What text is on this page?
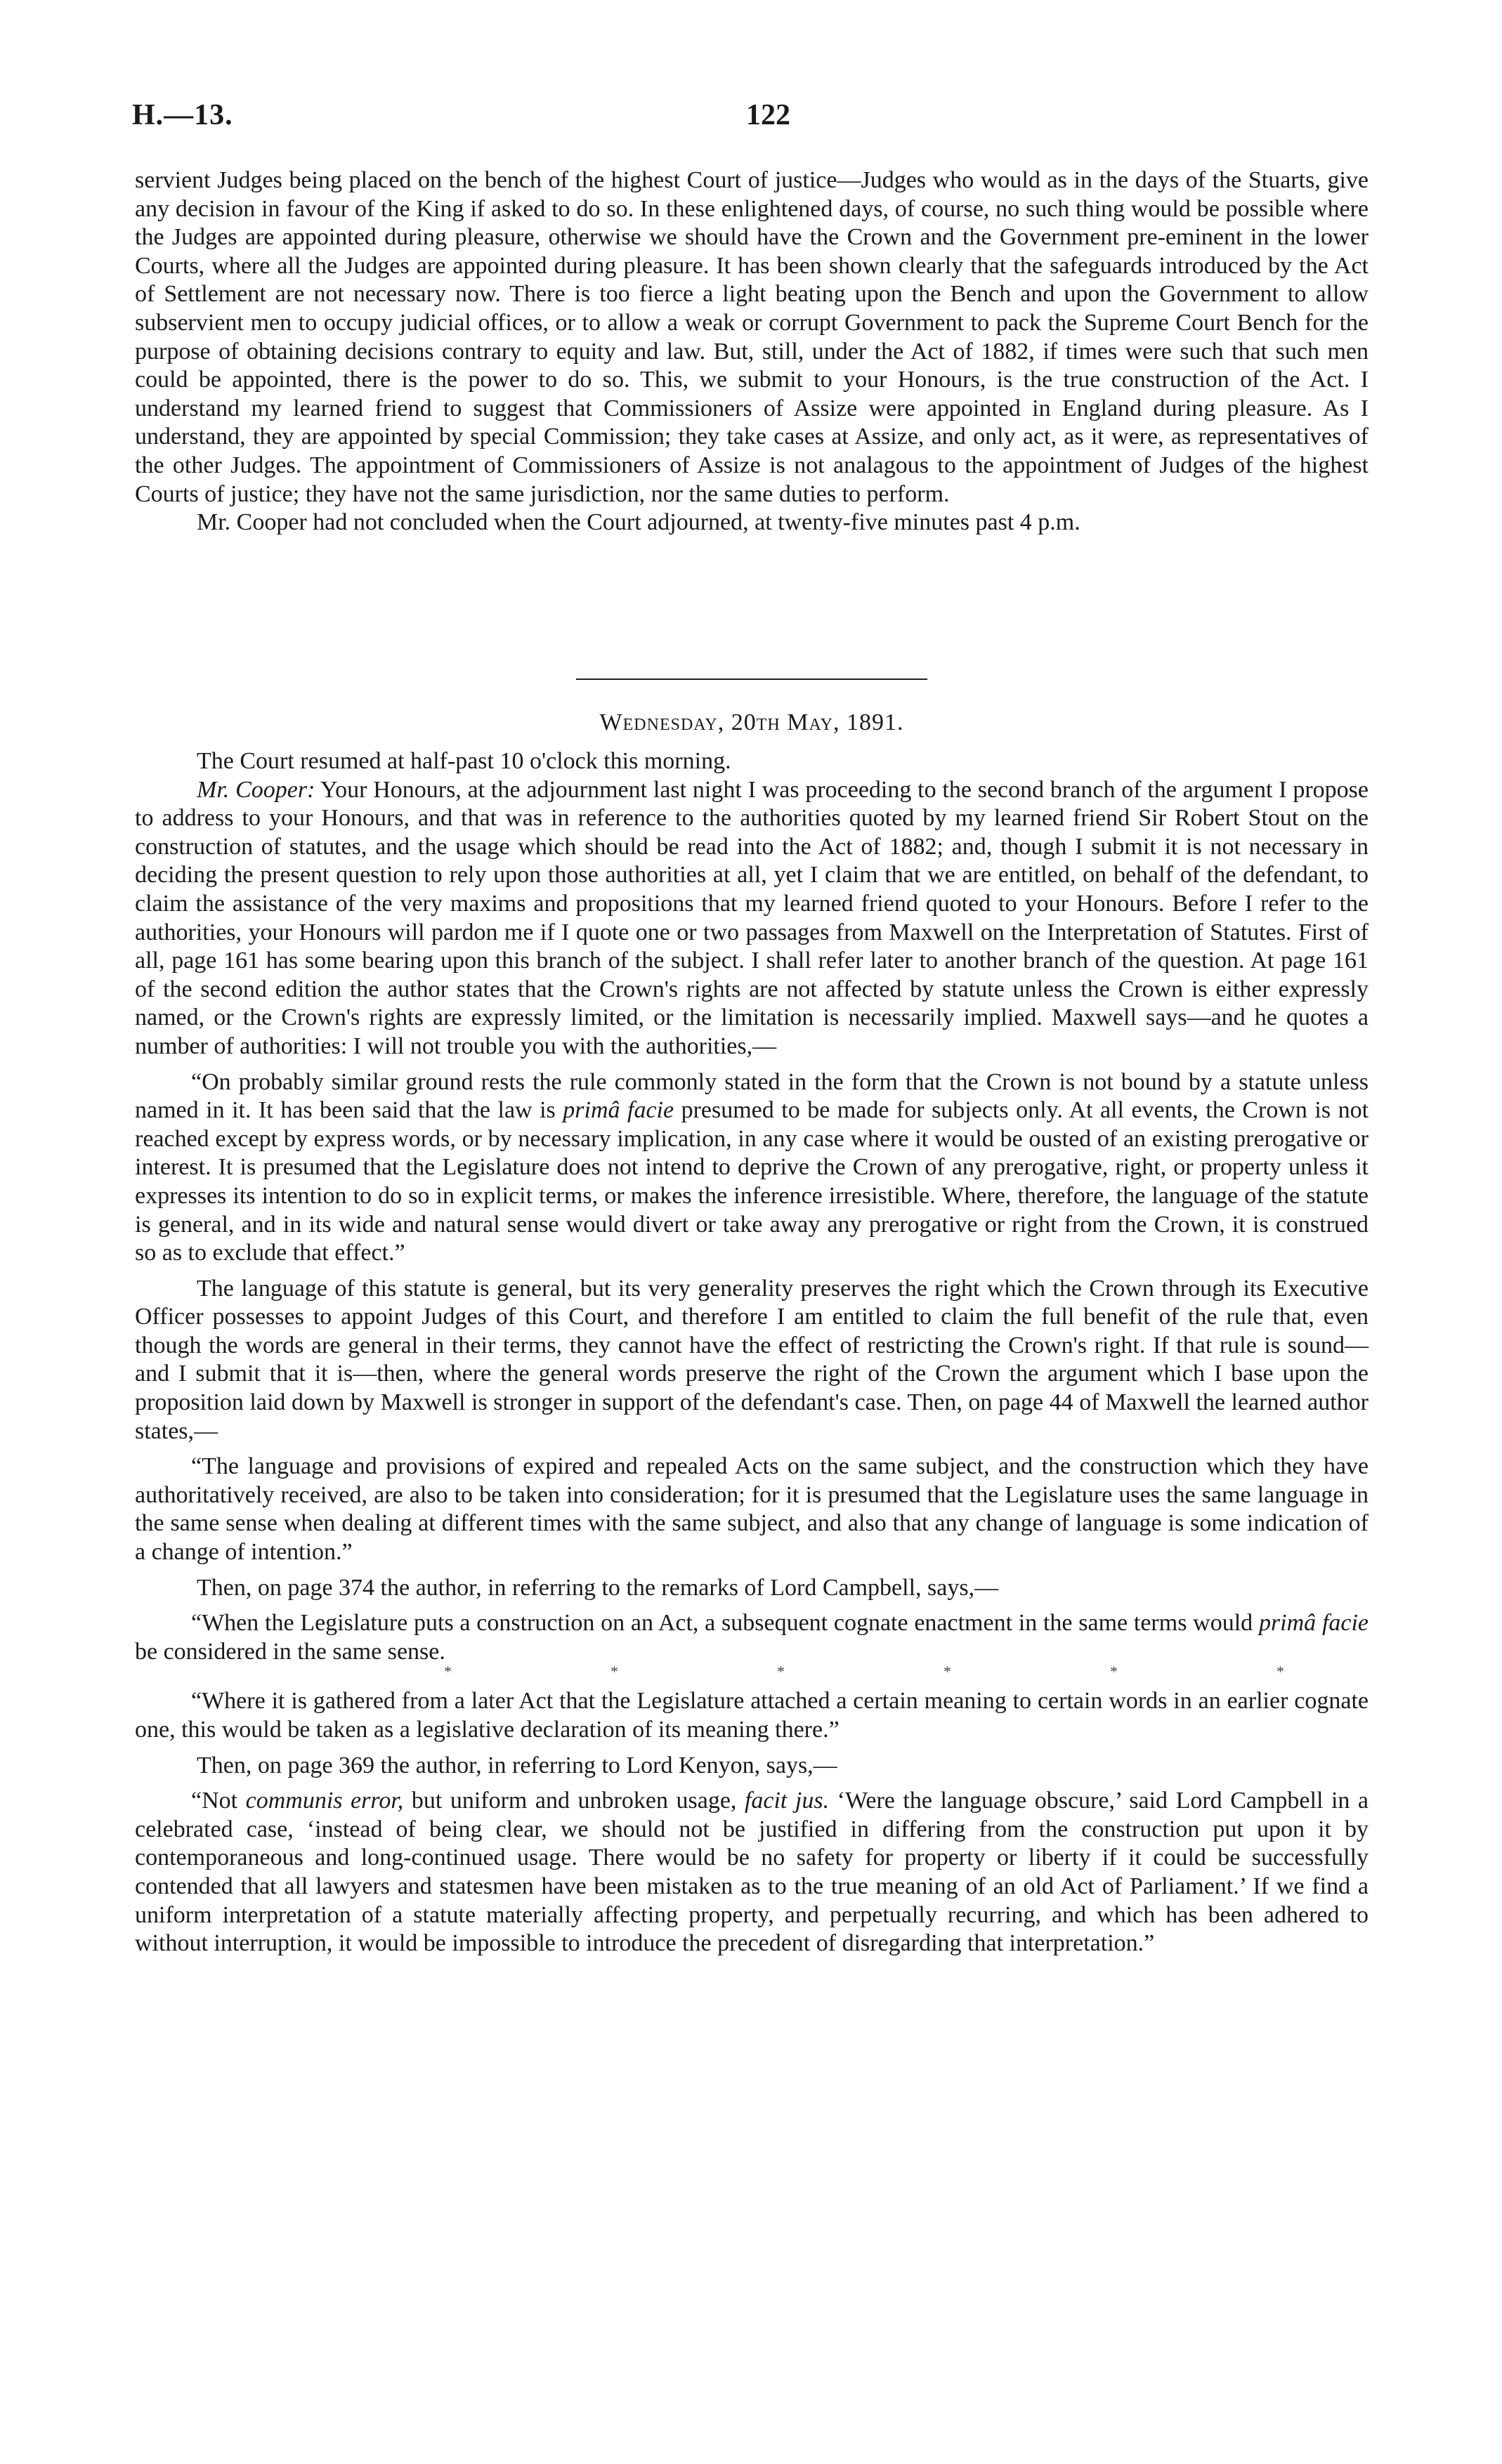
H.—13.	122

servient Judges being placed on the bench of the highest Court of justice—Judges who would as in the days of the Stuarts, give any decision in favour of the King if asked to do so. In these enlightened days, of course, no such thing would be possible where the Judges are appointed during pleasure, otherwise we should have the Crown and the Government pre-eminent in the lower Courts, where all the Judges are appointed during pleasure. It has been shown clearly that the safeguards introduced by the Act of Settlement are not necessary now. There is too fierce a light beating upon the Bench and upon the Government to allow subservient men to occupy judicial offices, or to allow a weak or corrupt Government to pack the Supreme Court Bench for the purpose of obtaining decisions contrary to equity and law. But, still, under the Act of 1882, if times were such that such men could be appointed, there is the power to do so. This, we submit to your Honours, is the true construction of the Act. I understand my learned friend to suggest that Commissioners of Assize were appointed in England during pleasure. As I understand, they are appointed by special Commission; they take cases at Assize, and only act, as it were, as representatives of the other Judges. The appointment of Commissioners of Assize is not analagous to the appointment of Judges of the highest Courts of justice; they have not the same jurisdiction, nor the same duties to perform.

Mr. Cooper had not concluded when the Court adjourned, at twenty-five minutes past 4 p.m.

Wednesday, 20th May, 1891.

The Court resumed at half-past 10 o'clock this morning.

Mr. Cooper: Your Honours, at the adjournment last night I was proceeding to the second branch of the argument I propose to address to your Honours, and that was in reference to the authorities quoted by my learned friend Sir Robert Stout on the construction of statutes, and the usage which should be read into the Act of 1882; and, though I submit it is not necessary in deciding the present question to rely upon those authorities at all, yet I claim that we are entitled, on behalf of the defendant, to claim the assistance of the very maxims and propositions that my learned friend quoted to your Honours. Before I refer to the authorities, your Honours will pardon me if I quote one or two passages from Maxwell on the Interpretation of Statutes. First of all, page 161 has some bearing upon this branch of the subject. I shall refer later to another branch of the question. At page 161 of the second edition the author states that the Crown's rights are not affected by statute unless the Crown is either expressly named, or the Crown's rights are expressly limited, or the limitation is necessarily implied. Maxwell says—and he quotes a number of authorities: I will not trouble you with the authorities,—

“On probably similar ground rests the rule commonly stated in the form that the Crown is not bound by a statute unless named in it. It has been said that the law is primâ facie presumed to be made for subjects only. At all events, the Crown is not reached except by express words, or by necessary implication, in any case where it would be ousted of an existing prerogative or interest. It is presumed that the Legislature does not intend to deprive the Crown of any prerogative, right, or property unless it expresses its intention to do so in explicit terms, or makes the inference irresistible. Where, therefore, the language of the statute is general, and in its wide and natural sense would divert or take away any prerogative or right from the Crown, it is construed so as to exclude that effect.”

The language of this statute is general, but its very generality preserves the right which the Crown through its Executive Officer possesses to appoint Judges of this Court, and therefore I am entitled to claim the full benefit of the rule that, even though the words are general in their terms, they cannot have the effect of restricting the Crown's right. If that rule is sound—and I submit that it is—then, where the general words preserve the right of the Crown the argument which I base upon the proposition laid down by Maxwell is stronger in support of the defendant's case. Then, on page 44 of Maxwell the learned author states,—

“The language and provisions of expired and repealed Acts on the same subject, and the construction which they have authoritatively received, are also to be taken into consideration; for it is presumed that the Legislature uses the same language in the same sense when dealing at different times with the same subject, and also that any change of language is some indication of a change of intention.”

Then, on page 374 the author, in referring to the remarks of Lord Campbell, says,—

“When the Legislature puts a construction on an Act, a subsequent cognate enactment in the same terms would primâ facie be considered in the same sense.

*	*	*	*	*	*

“Where it is gathered from a later Act that the Legislature attached a certain meaning to certain words in an earlier cognate one, this would be taken as a legislative declaration of its meaning there.”

Then, on page 369 the author, in referring to Lord Kenyon, says,—

“Not communis error, but uniform and unbroken usage, facit jus. ‘Were the language obscure,’ said Lord Campbell in a celebrated case, ‘instead of being clear, we should not be justified in differing from the construction put upon it by contemporaneous and long-continued usage. There would be no safety for property or liberty if it could be successfully contended that all lawyers and statesmen have been mistaken as to the true meaning of an old Act of Parliament.’ If we find a uniform interpretation of a statute materially affecting property, and perpetually recurring, and which has been adhered to without interruption, it would be impossible to introduce the precedent of disregarding that interpretation.”
